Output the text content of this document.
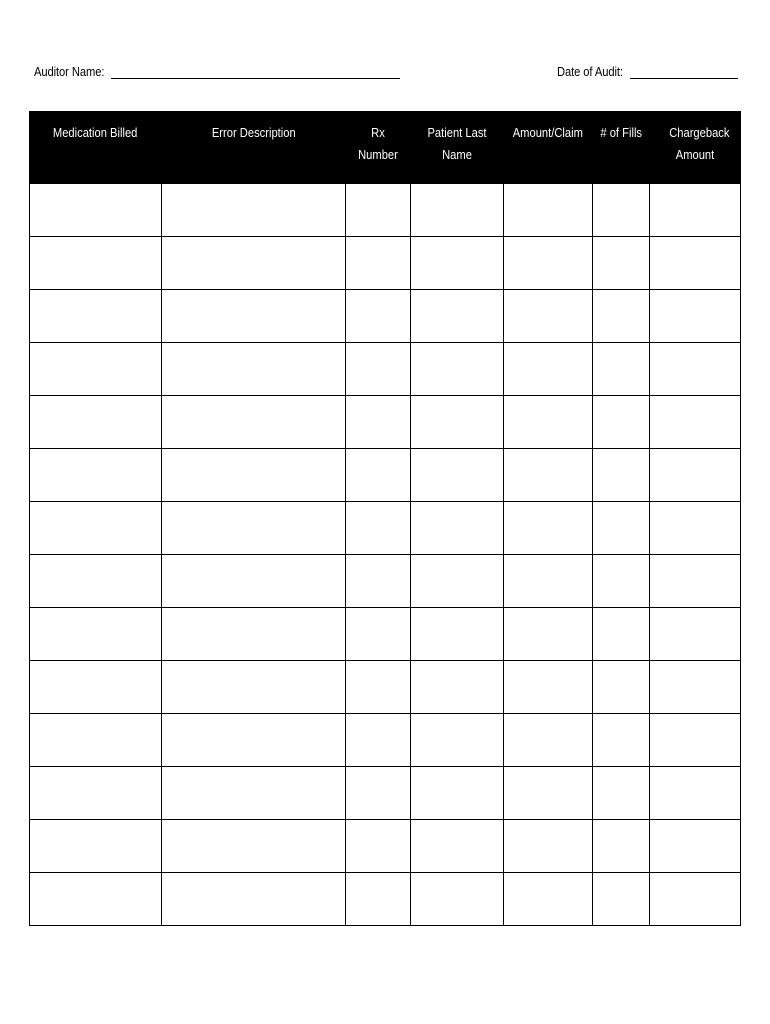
Auditor Name:	Date of Audit:
Medication Billed	Error Description	Rx Number	Patient Last Name	Amount/Claim	# of Fills	Chargeback Amount
